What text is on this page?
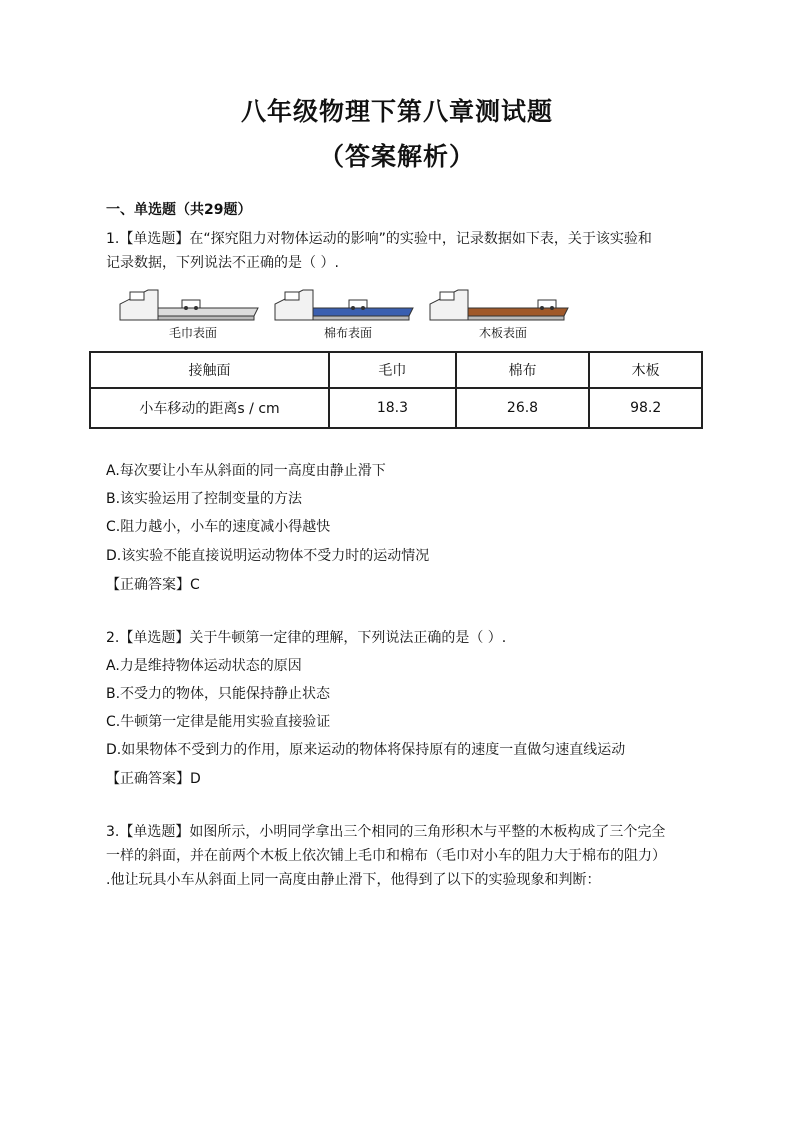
八年级物理下第八章测试题
（答案解析）
一、单选题（共29题）
1.【单选题】在“探究阻力对物体运动的影响”的实验中，记录数据如下表，关于该实验和
记录数据，下列说法不正确的是（ ）.
毛巾表面	棉布表面	木板表面
接触面	毛巾	棉布	木板
小车移动的距离s / cm	18.3	26.8	98.2
A.每次要让小车从斜面的同一高度由静止滑下
B.该实验运用了控制变量的方法
C.阻力越小，小车的速度减小得越快
D.该实验不能直接说明运动物体不受力时的运动情况
【正确答案】C
2.【单选题】关于牛顿第一定律的理解，下列说法正确的是（ ）.
A.力是维持物体运动状态的原因
B.不受力的物体，只能保持静止状态
C.牛顿第一定律是能用实验直接验证
D.如果物体不受到力的作用，原来运动的物体将保持原有的速度一直做匀速直线运动
【正确答案】D
3.【单选题】如图所示，小明同学拿出三个相同的三角形积木与平整的木板构成了三个完全
一样的斜面，并在前两个木板上依次铺上毛巾和棉布（毛巾对小车的阻力大于棉布的阻力）
.他让玩具小车从斜面上同一高度由静止滑下，他得到了以下的实验现象和判断：
